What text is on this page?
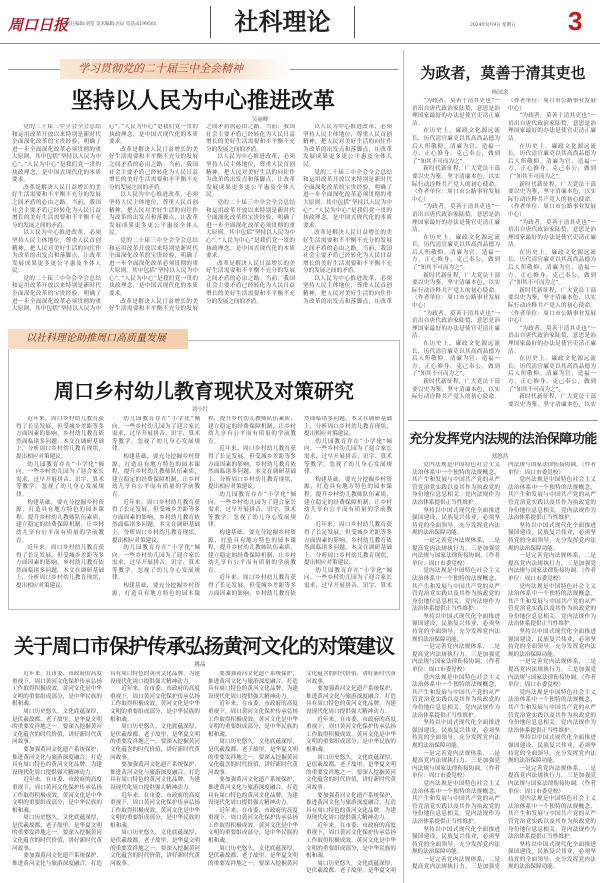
周口日报
责任编辑:刘玺 美术编辑:吾辰 电话:6199501	社科理论	2024年8月9日 星期五 3
学习贯彻党的二十届三中全会精神
坚持以人民为中心推进改革
吴丽峰

党的二十届三中全会全会总结和运用改革开放以来特别是新时代全面深化改革的宝贵经验，明确了进一步全面深化改革必须贯彻的重大原则，其中包括“坚持以人民为中心”。”人民为中心“是我们党一贯的执政理念，是中国式现代化的本质要求。

改革是解决人民日益增长的美好生活需要和不平衡不充分的发展之间矛盾的必由之路。当前，我国社会主要矛盾已经转化为人民日益增长的美好生活需要和不平衡不充分的发展之间的矛盾。

以人民为中心推进改革，必须坚持人民主体地位，尊重人民首创精神，把人民对美好生活的向往作为改革的出发点和落脚点，让改革发展成果更多更公平惠及全体人民。

党的二十届三中全会全会总结和运用改革开放以来特别是新时代全面深化改革的宝贵经验，明确了进一步全面深化改革必须贯彻的重大原则，其中包括“坚持以人民为中心”。”人民为中心“是我们党一贯的执政理念，是中国式现代化的本质要求。

改革是解决人民日益增长的美好生活需要和不平衡不充分的发展之间矛盾的必由之路。当前，我国社会主要矛盾已经转化为人民日益增长的美好生活需要和不平衡不充分的发展之间的矛盾。

以人民为中心推进改革，必须坚持人民主体地位，尊重人民首创精神，把人民对美好生活的向往作为改革的出发点和落脚点，让改革发展成果更多更公平惠及全体人民。

党的二十届三中全会全会总结和运用改革开放以来特别是新时代全面深化改革的宝贵经验，明确了进一步全面深化改革必须贯彻的重大原则，其中包括“坚持以人民为中心”。”人民为中心“是我们党一贯的执政理念，是中国式现代化的本质要求。

改革是解决人民日益增长的美好生活需要和不平衡不充分的发展之间矛盾的必由之路。当前，我国社会主要矛盾已经转化为人民日益增长的美好生活需要和不平衡不充分的发展之间的矛盾。

以人民为中心推进改革，必须坚持人民主体地位，尊重人民首创精神，把人民对美好生活的向往作为改革的出发点和落脚点，让改革发展成果更多更公平惠及全体人民。

党的二十届三中全会全会总结和运用改革开放以来特别是新时代全面深化改革的宝贵经验，明确了进一步全面深化改革必须贯彻的重大原则，其中包括“坚持以人民为中心”。”人民为中心“是我们党一贯的执政理念，是中国式现代化的本质要求。

改革是解决人民日益增长的美好生活需要和不平衡不充分的发展之间矛盾的必由之路。当前，我国社会主要矛盾已经转化为人民日益增长的美好生活需要和不平衡不充分的发展之间的矛盾。

以人民为中心推进改革，必须坚持人民主体地位，尊重人民首创精神，把人民对美好生活的向往作为改革的出发点和落脚点，让改革发展成果更多更公平惠及全体人民。

党的二十届三中全会全会总结和运用改革开放以来特别是新时代全面深化改革的宝贵经验，明确了进一步全面深化改革必须贯彻的重大原则，其中包括“坚持以人民为中心”。”人民为中心“是我们党一贯的执政理念，是中国式现代化的本质要求。

改革是解决人民日益增长的美好生活需要和不平衡不充分的发展之间矛盾的必由之路。当前，我国社会主要矛盾已经转化为人民日益增长的美好生活需要和不平衡不充分的发展之间的矛盾。

以人民为中心推进改革，必须坚持人民主体地位，尊重人民首创精神，把人民对美好生活的向往作为改革的出发点和落脚点，让改革

以社科理论助推周口高质量发展
周口乡村幼儿教育现状及对策研究
刘小红

近年来，周口乡村幼儿教育获得了长足发展，但受城乡差距等多方面因素的影响，乡村幼儿教育依然面临诸多问题。本文在调研基础上，分析周口乡村幼儿教育现状，提出相应对策建议。

幼儿园教育存在“小学化”倾向。一些乡村幼儿园为了迎合家长需求，过早开展拼音、识字、算术等教学，忽视了幼儿身心发展规律。

构建基础，要充分挖掘乡村资源，打造具有地方特色的园本课程，提升乡村幼儿教师队伍素质，建立稳定的经费保障机制，让乡村幼儿享有公平而有质量的学前教育。

近年来，周口乡村幼儿教育获得了长足发展，但受城乡差距等多方面因素的影响，乡村幼儿教育依然面临诸多问题。本文在调研基础上，分析周口乡村幼儿教育现状，提出相应对策建议。

幼儿园教育存在“小学化”倾向。一些乡村幼儿园为了迎合家长需求，过早开展拼音、识字、算术等教学，忽视了幼儿身心发展规律。

构建基础，要充分挖掘乡村资源，打造具有地方特色的园本课程，提升乡村幼儿教师队伍素质，建立稳定的经费保障机制，让乡村幼儿享有公平而有质量的学前教育。

近年来，周口乡村幼儿教育获得了长足发展，但受城乡差距等多方面因素的影响，乡村幼儿教育依然面临诸多问题。本文在调研基础上，分析周口乡村幼儿教育现状，提出相应对策建议。

幼儿园教育存在“小学化”倾向。一些乡村幼儿园为了迎合家长需求，过早开展拼音、识字、算术等教学，忽视了幼儿身心发展规律。

构建基础，要充分挖掘乡村资源，打造具有地方特色的园本课程，提升乡村幼儿教师队伍素质，建立稳定的经费保障机制，让乡村幼儿享有公平而有质量的学前教育。

近年来，周口乡村幼儿教育获得了长足发展，但受城乡差距等多方面因素的影响，乡村幼儿教育依然面临诸多问题。本文在调研基础上，分析周口乡村幼儿教育现状，提出相应对策建议。

幼儿园教育存在“小学化”倾向。一些乡村幼儿园为了迎合家长需求，过早开展拼音、识字、算术等教学，忽视了幼儿身心发展规律。

构建基础，要充分挖掘乡村资源，打造具有地方特色的园本课程，提升乡村幼儿教师队伍素质，建立稳定的经费保障机制，让乡村幼儿享有公平而有质量的学前教育。

近年来，周口乡村幼儿教育获得了长足发展，但受城乡差距等多方面因素的影响，乡村幼儿教育依然面临诸多问题。本文在调研基础上，分析周口乡村幼儿教育现状，提出相应对策建议。

幼儿园教育存在“小学化”倾向。一些乡村幼儿园为了迎合家长需求，过早开展拼音、识字、算术等教学，忽视了幼儿身心发展规律。

构建基础，要充分挖掘乡村资源，打造具有地方特色的园本课程，提升乡村幼儿教师队伍素质，建立稳定的经费保障机制，让乡村幼儿享有公平而有质量的学前教育。

近年来，周口乡村幼儿教育获得了长足发展，但受城乡差距等多方面因素的影响，乡村幼儿教育依然面临诸多问题。本文在调研基础上，分析周口乡村幼儿教育现状，提出相应对策建议。

幼儿园教育存在“小学化”倾向。一些乡村幼儿园为了迎合家长需求，过早开展拼音、识字、算术

关于周口市保护传承弘扬黄河文化的对策建议
姚晶

近年来，在市委、市政府的高度重视下，周口黄河文化保护传承弘扬工作取得积极成效。黄河文化是中华文明的重要组成部分，是中华民族的根和魂。

周口历史悠久，文化底蕴深厚，是伏羲故都、老子故里，是华夏文明的重要发祥地之一。要深入挖掘黄河文化蕴含的时代价值，讲好新时代黄河故事。

要加强黄河文化遗产系统保护，推进黄河文化与旅游深度融合，打造具有周口特色的黄河文化品牌，为建设现代化周口提供强大精神动力。

近年来，在市委、市政府的高度重视下，周口黄河文化保护传承弘扬工作取得积极成效。黄河文化是中华文明的重要组成部分，是中华民族的根和魂。

周口历史悠久，文化底蕴深厚，是伏羲故都、老子故里，是华夏文明的重要发祥地之一。要深入挖掘黄河文化蕴含的时代价值，讲好新时代黄河故事。

要加强黄河文化遗产系统保护，推进黄河文化与旅游深度融合，打造具有周口特色的黄河文化品牌，为建设现代化周口提供强大精神动力。

近年来，在市委、市政府的高度重视下，周口黄河文化保护传承弘扬工作取得积极成效。黄河文化是中华文明的重要组成部分，是中华民族的根和魂。

周口历史悠久，文化底蕴深厚，是伏羲故都、老子故里，是华夏文明的重要发祥地之一。要深入挖掘黄河文化蕴含的时代价值，讲好新时代黄河故事。

要加强黄河文化遗产系统保护，推进黄河文化与旅游深度融合，打造具有周口特色的黄河文化品牌，为建设现代化周口提供强大精神动力。

近年来，在市委、市政府的高度重视下，周口黄河文化保护传承弘扬工作取得积极成效。黄河文化是中华文明的重要组成部分，是中华民族的根和魂。

周口历史悠久，文化底蕴深厚，是伏羲故都、老子故里，是华夏文明的重要发祥地之一。要深入挖掘黄河文化蕴含的时代价值，讲好新时代黄河故事。

要加强黄河文化遗产系统保护，推进黄河文化与旅游深度融合，打造具有周口特色的黄河文化品牌，为建设现代化周口提供强大精神动力。

近年来，在市委、市政府的高度重视下，周口黄河文化保护传承弘扬工作取得积极成效。黄河文化是中华文明的重要组成部分，是中华民族的根和魂。

周口历史悠久，文化底蕴深厚，是伏羲故都、老子故里，是华夏文明的重要发祥地之一。要深入挖掘黄河文化蕴含的时代价值，讲好新时代黄河故事。

要加强黄河文化遗产系统保护，推进黄河文化与旅游深度融合，打造具有周口特色的黄河文化品牌，为建设现代化周口提供强大精神动力。

近年来，在市委、市政府的高度重视下，周口黄河文化保护传承弘扬工作取得积极成效。黄河文化是中华文明的重要组成部分，是中华民族的根和魂。

周口历史悠久，文化底蕴深厚，是伏羲故都、老子故里，是华夏文明的重要发祥地之一。要深入挖掘黄河文化蕴含的时代价值，讲好新时代黄河故事。

要加强黄河文化遗产系统保护，推进黄河文化与旅游深度融合，打造具有周口特色的黄河文化品牌，为建设现代化周口提供强大精神动力。

近年来，在市委、市政府的高度重视下，周口黄河文化保护传承弘扬工作取得积极成效。黄河文化是中华文明的重要组成部分，是中华民族的根和魂。

周口历史悠久，文化底蕴深厚，是伏羲故都、老子故里，是华夏文明的重要发祥地之一。要深入挖掘黄河文化蕴含的时代价值，讲好新时代黄河故事。

要加强黄河文化遗产系统保护，推进黄河文化与旅游深度融合，打造具有周口特色的黄河文化品牌，为建设现代化周口提供强大精神动力。

近年来，在市委、市政府的高度重视下，周口黄河文化保护传承弘扬工作取得积极成效。黄河文化是中华文明的重要组成部分，是中华民族的根和魂。

周口历史悠久，文化底蕴深厚，是伏羲故都、老子故里，是华夏文明

为政者，莫善于清其吏也
杨国余

“为政者，莫善于清其吏也”一语出自唐代政治家陆贽，意思是治理国家最好的办法是使官吏清正廉洁。

在历史上，廉政文化源远流长，历代清官廉吏以其高尚品德为后人所敬仰。清廉为官、造福一方，正心修身、克己奉公，做到了“知其不可而为之”。

新时代新征程，广大党员干部要以史为鉴，坚守清廉本色，以实际行动诠释共产党人的初心使命。（作者单位：周口市公路事业发展中心）

“为政者，莫善于清其吏也”一语出自唐代政治家陆贽，意思是治理国家最好的办法是使官吏清正廉洁。

在历史上，廉政文化源远流长，历代清官廉吏以其高尚品德为后人所敬仰。清廉为官、造福一方，正心修身、克己奉公，做到了“知其不可而为之”。

新时代新征程，广大党员干部要以史为鉴，坚守清廉本色，以实际行动诠释共产党人的初心使命。（作者单位：周口市公路事业发展中心）

“为政者，莫善于清其吏也”一语出自唐代政治家陆贽，意思是治理国家最好的办法是使官吏清正廉洁。

在历史上，廉政文化源远流长，历代清官廉吏以其高尚品德为后人所敬仰。清廉为官、造福一方，正心修身、克己奉公，做到了“知其不可而为之”。

新时代新征程，广大党员干部要以史为鉴，坚守清廉本色，以实际行动诠释共产党人的初心使命。（作者单位：周口市公路事业发展中心）

“为政者，莫善于清其吏也”一语出自唐代政治家陆贽，意思是治理国家最好的办法是使官吏清正廉洁。

在历史上，廉政文化源远流长，历代清官廉吏以其高尚品德为后人所敬仰。清廉为官、造福一方，正心修身、克己奉公，做到了“知其不可而为之”。

新时代新征程，广大党员干部要以史为鉴，坚守清廉本色，以实际行动诠释共产党人的初心使命。（作者单位：周口市公路事业发展中心）

“为政者，莫善于清其吏也”一语出自唐代政治家陆贽，意思是治理国家最好的办法是使官吏清正廉洁。

在历史上，廉政文化源远流长，历代清官廉吏以其高尚品德为后人所敬仰。清廉为官、造福一方，正心修身、克己奉公，做到了“知其不可而为之”。

新时代新征程，广大党员干部要以史为鉴，坚守清廉本色，以实际行动诠释共产党人的初心使命。（作者单位：周口市公路事业发展中心）

“为政者，莫善于清其吏也”一语出自唐代政治家陆贽，意思是治理国家最好的办法是使官吏清正廉洁。

在历史上，廉政文化源远流长，历代清官廉吏以其高尚品德为后人所敬仰。清廉为官、造福一方，正心修身、克己奉公，做到了“知其不可而为之”。

新时代新征程，广大党员干部要以史为鉴，坚守清廉本色，以实

充分发挥党内法规的法治保障功能
郑悠然

党内法规是中国特色社会主义法治体系中一个独特的法规概念，其产生和发展与中国共产党的从严管党治党实践以及其作为执政党的身份地位息息相关。党内法规作为法治体系提供正当性维护。

坚持以中国式现代化全面推进强国建设，民族复兴伟业，必须坚持党的全面领导，充分发挥党内法规的法治保障功能。

一是完善党内法规体系，二是提高党内法规执行力，三是加强党内法规与国家法律衔接协调。（作者单位：周口市委党校）

党内法规是中国特色社会主义法治体系中一个独特的法规概念，其产生和发展与中国共产党的从严管党治党实践以及其作为执政党的身份地位息息相关。党内法规作为法治体系提供正当性维护。

坚持以中国式现代化全面推进强国建设，民族复兴伟业，必须坚持党的全面领导，充分发挥党内法规的法治保障功能。

一是完善党内法规体系，二是提高党内法规执行力，三是加强党内法规与国家法律衔接协调。（作者单位：周口市委党校）

党内法规是中国特色社会主义法治体系中一个独特的法规概念，其产生和发展与中国共产党的从严管党治党实践以及其作为执政党的身份地位息息相关。党内法规作为法治体系提供正当性维护。

坚持以中国式现代化全面推进强国建设，民族复兴伟业，必须坚持党的全面领导，充分发挥党内法规的法治保障功能。

一是完善党内法规体系，二是提高党内法规执行力，三是加强党内法规与国家法律衔接协调。（作者单位：周口市委党校）

党内法规是中国特色社会主义法治体系中一个独特的法规概念，其产生和发展与中国共产党的从严管党治党实践以及其作为执政党的身份地位息息相关。党内法规作为法治体系提供正当性维护。

坚持以中国式现代化全面推进强国建设，民族复兴伟业，必须坚持党的全面领导，充分发挥党内法规的法治保障功能。

一是完善党内法规体系，二是提高党内法规执行力，三是加强党内法规与国家法律衔接协调。（作者单位：周口市委党校）

党内法规是中国特色社会主义法治体系中一个独特的法规概念，其产生和发展与中国共产党的从严管党治党实践以及其作为执政党的身份地位息息相关。党内法规作为法治体系提供正当性维护。

坚持以中国式现代化全面推进强国建设，民族复兴伟业，必须坚持党的全面领导，充分发挥党内法规的法治保障功能。

一是完善党内法规体系，二是提高党内法规执行力，三是加强党内法规与国家法律衔接协调。（作者单位：周口市委党校）

党内法规是中国特色社会主义法治体系中一个独特的法规概念，其产生和发展与中国共产党的从严管党治党实践以及其作为执政党的身份地位息息相关。党内法规作为法治体系提供正当性维护。

坚持以中国式现代化全面推进强国建设，民族复兴伟业，必须坚持党的全面领导，充分发挥党内法规的法治保障功能。

一是完善党内法规体系，二是提高党内法规执行力，三是加强党内法规与国家法律衔接协调。（作者单位：周口市委党校）

党内法规是中国特色社会主义法治体系中一个独特的法规概念，其产生和发展与中国共产党的从严管党治党实践以及其作为执政党的身份地位息息相关。党内法规作为法治体系提供正当性维护。

坚持以中国式现代化全面推进强国建设，民族复兴伟业，必须坚持党的全面领导，充分发挥党内法规的法治保障功能。

一是完善党内法规体系，二是提高党内法规执行力，三是加强党内法规与国家法律衔接协调。（作者单位：周口市委党校）

党内法规是中国特色社会主义法治体系中一个独特的法规概念，其产生和发展与中国共产党的从严管党治党实践以及其作为执政党的身份地位息息相关。党内法规作为法治体系提供正当性维护。

坚持以中国式现代化全面推进强国建设，民族复兴伟业，必须坚持党的全面领导，充分发挥党内法规的法治保障功能。
